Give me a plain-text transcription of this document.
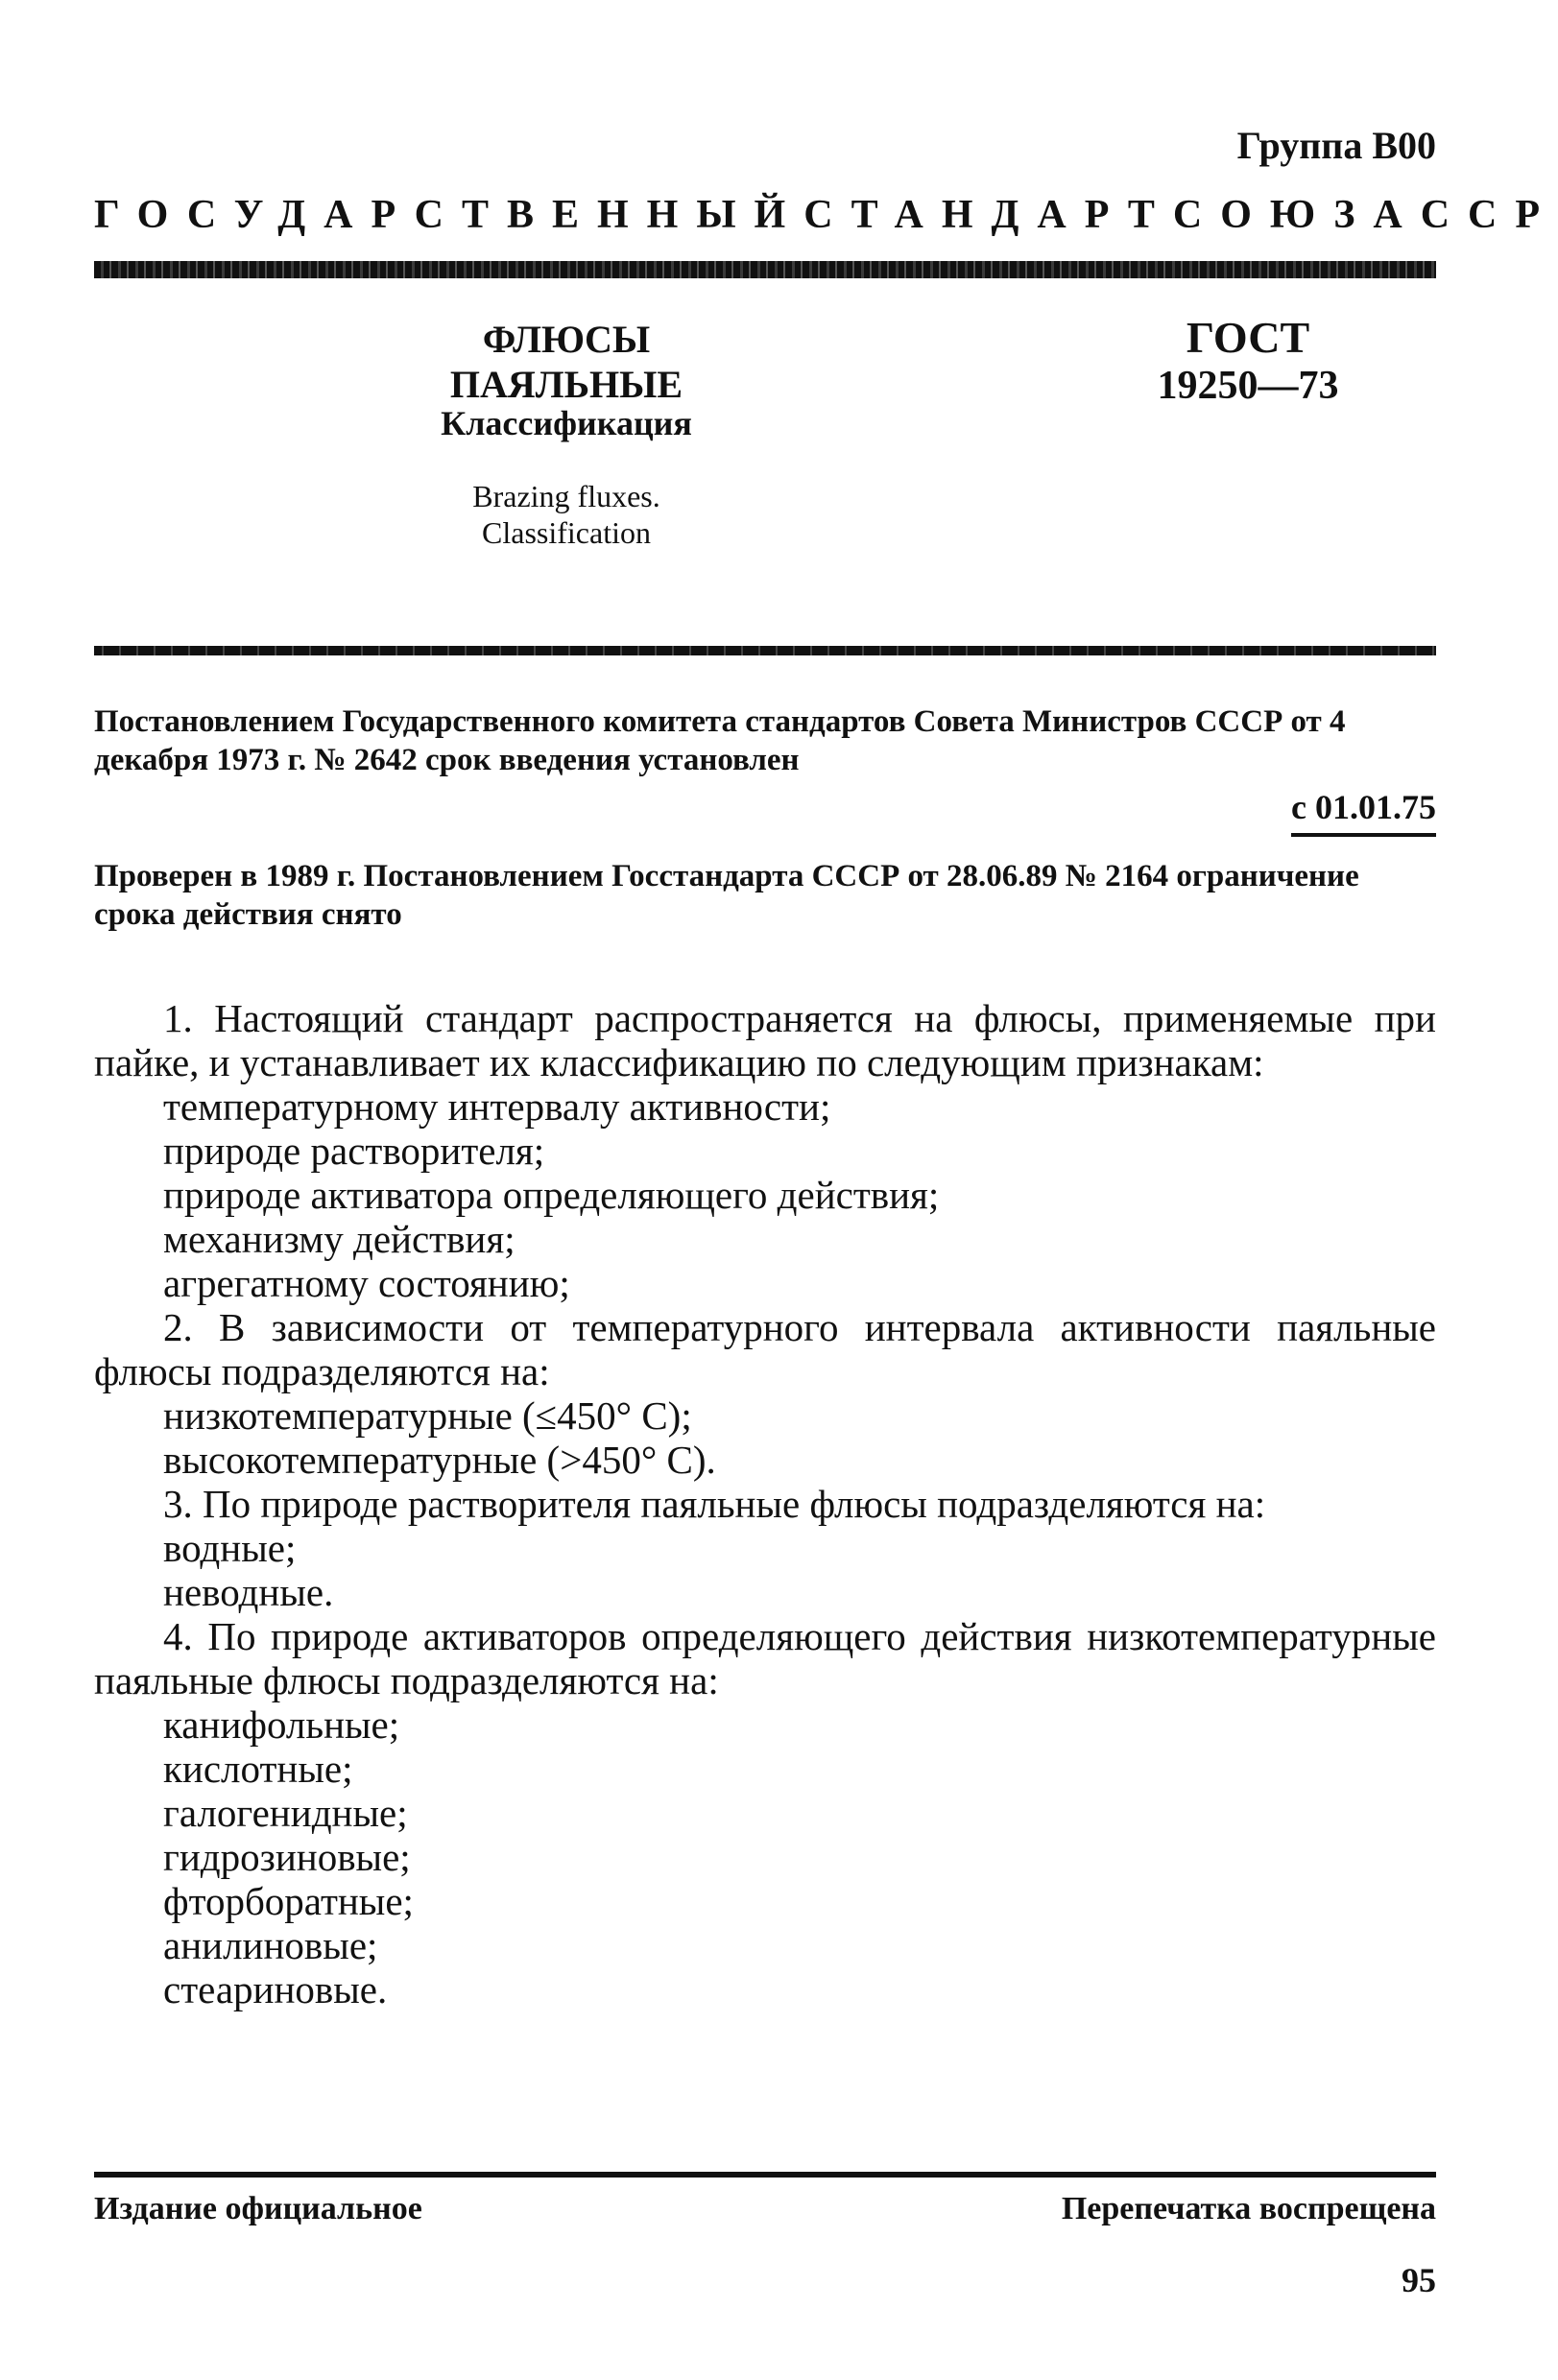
Группа В00
ГОСУДАРСТВЕННЫЙ СТАНДАРТ СОЮЗА ССР
ФЛЮСЫ ПАЯЛЬНЫЕ
Классификация
Brazing fluxes.
Classification
ГОСТ
19250—73
Постановлением Государственного комитета стандартов Совета Министров СССР от 4 декабря 1973 г. № 2642 срок введения установлен
с 01.01.75
Проверен в 1989 г. Постановлением Госстандарта СССР от 28.06.89 № 2164 ограничение срока действия снято

1. Настоящий стандарт распространяется на флюсы, применяемые при пайке, и устанавливает их классификацию по следующим признакам:

температурному интервалу активности;

природе растворителя;

природе активатора определяющего действия;

механизму действия;

агрегатному состоянию;

2. В зависимости от температурного интервала активности паяльные флюсы подразделяются на:

низкотемпературные (≤450° С);

высокотемпературные (>450° С).

3. По природе растворителя паяльные флюсы подразделяются на:

водные;

неводные.

4. По природе активаторов определяющего действия низкотемпературные паяльные флюсы подразделяются на:

канифольные;

кислотные;

галогенидные;

гидрозиновые;

фторборатные;

анилиновые;

стеариновые.

Издание официальное	Перепечатка воспрещена
95
